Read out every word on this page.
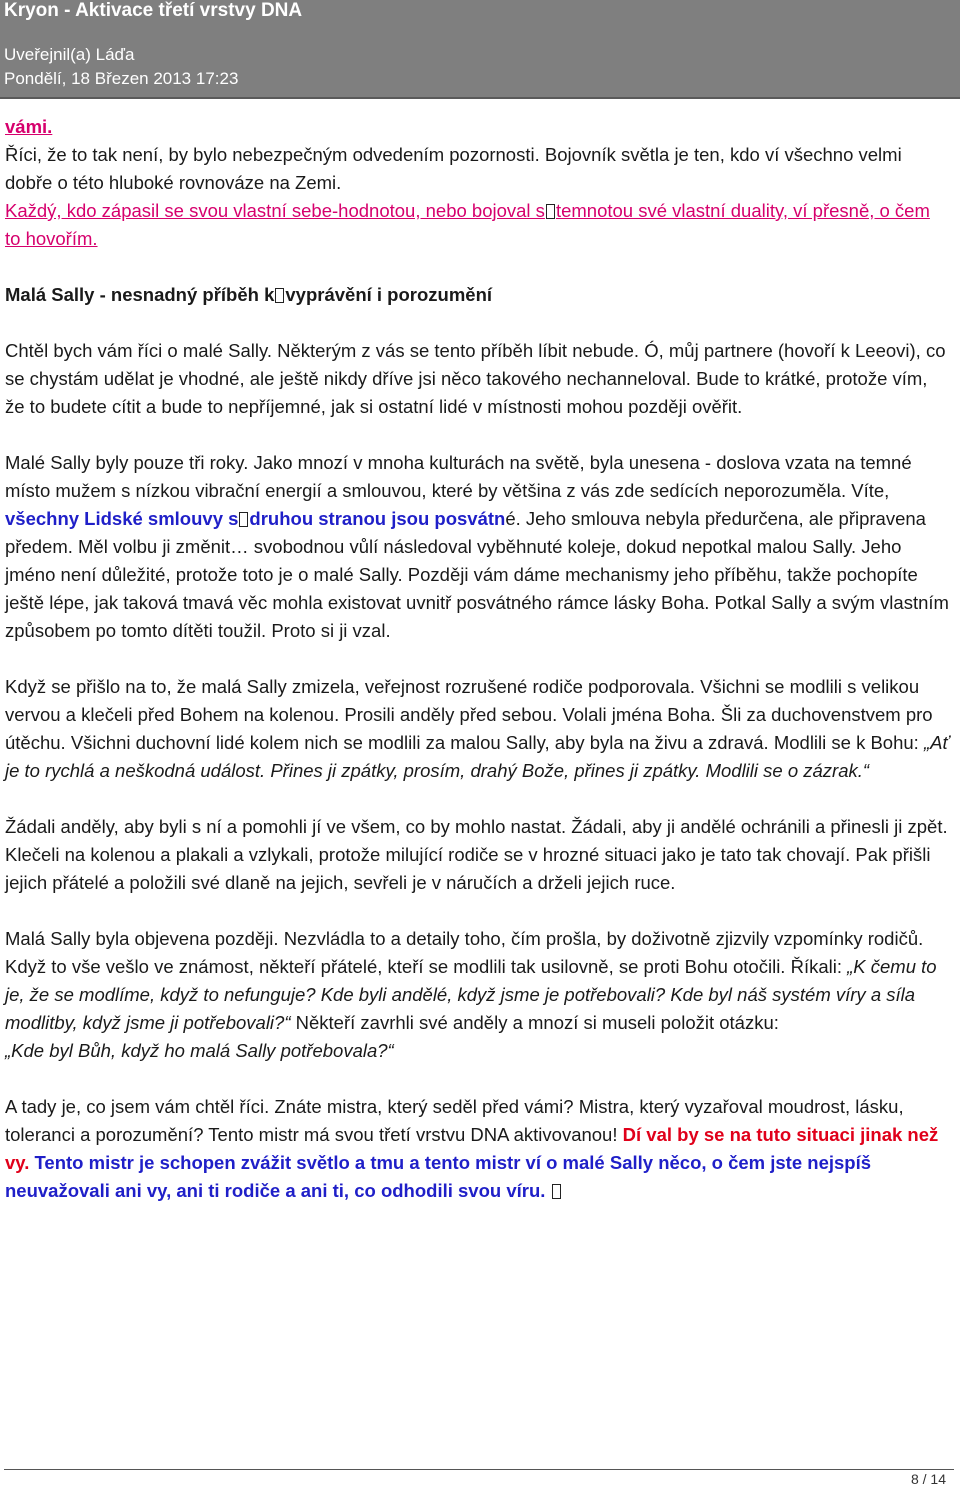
Kryon - Aktivace třetí vrstvy DNA
Uveřejnil(a) Láďa
Pondělí, 18 Březen 2013 17:23

vámi.
Říci, že to tak není, by bylo nebezpečným odvedením pozornosti. Bojovník světla je ten, kdo ví všechno velmi dobře o této hluboké rovnováze na Zemi.
Každý, kdo zápasil se svou vlastní sebe-hodnotou, nebo bojoval s temnotou své vlastní duality, ví přesně, o čem to hovořím.

Malá Sally - nesnadný příběh k vyprávění i porozumění

Chtěl bych vám říci o malé Sally. Některým z vás se tento příběh líbit nebude. Ó, můj partnere (hovoří k Leeovi), co se chystám udělat je vhodné, ale ještě nikdy dříve jsi něco takového nechanneloval. Bude to krátké, protože vím, že to budete cítit a bude to nepříjemné, jak si ostatní lidé v místnosti mohou později ověřit.

Malé Sally byly pouze tři roky. Jako mnozí v mnoha kulturách na světě, byla unesena - doslova vzata na temné místo mužem s nízkou vibrační energií a smlouvou, které by většina z vás zde sedících neporozuměla. Víte, všechny Lidské smlouvy s druhou stranou jsou posvátné. Jeho smlouva nebyla předurčena, ale připravena předem. Měl volbu ji změnit… svobodnou vůlí následoval vyběhnuté koleje, dokud nepotkal malou Sally. Jeho jméno není důležité, protože toto je o malé Sally. Později vám dáme mechanismy jeho příběhu, takže pochopíte ještě lépe, jak taková tmavá věc mohla existovat uvnitř posvátného rámce lásky Boha. Potkal Sally a svým vlastním způsobem po tomto dítěti toužil. Proto si ji vzal.

Když se přišlo na to, že malá Sally zmizela, veřejnost rozrušené rodiče podporovala. Všichni se modlili s velikou vervou a klečeli před Bohem na kolenou. Prosili anděly před sebou. Volali jména Boha. Šli za duchovenstvem pro útěchu. Všichni duchovní lidé kolem nich se modlili za malou Sally, aby byla na živu a zdravá. Modlili se k Bohu: „Ať je to rychlá a neškodná událost. Přines ji zpátky, prosím, drahý Bože, přines ji zpátky. Modlili se o zázrak.“

Žádali anděly, aby byli s ní a pomohli jí ve všem, co by mohlo nastat. Žádali, aby ji andělé ochránili a přinesli ji zpět. Klečeli na kolenou a plakali a vzlykali, protože milující rodiče se v hrozné situaci jako je tato tak chovají. Pak přišli jejich přátelé a položili své dlaně na jejich, sevřeli je v náručích a drželi jejich ruce.

Malá Sally byla objevena později. Nezvládla to a detaily toho, čím prošla, by doživotně zjizvily vzpomínky rodičů. Když to vše vešlo ve známost, někteří přátelé, kteří se modlili tak usilovně, se proti Bohu otočili. Říkali: „K čemu to je, že se modlíme, když to nefunguje? Kde byli andělé, když jsme je potřebovali? Kde byl náš systém víry a síla modlitby, když jsme ji potřebovali?“ Někteří zavrhli své anděly a mnozí si museli položit otázku:
„Kde byl Bůh, když ho malá Sally potřebovala?“

A tady je, co jsem vám chtěl říci. Znáte mistra, který seděl před vámi? Mistra, který vyzařoval moudrost, lásku, toleranci a porozumění? Tento mistr má svou třetí vrstvu DNA aktivovanou! Dí val by se na tuto situaci jinak než vy. Tento mistr je schopen zvážit světlo a tmu a tento mistr ví o malé Sally něco, o čem jste nejspíš neuvažovali ani vy, ani ti rodiče a ani ti, co odhodili svou víru.

8 / 14
